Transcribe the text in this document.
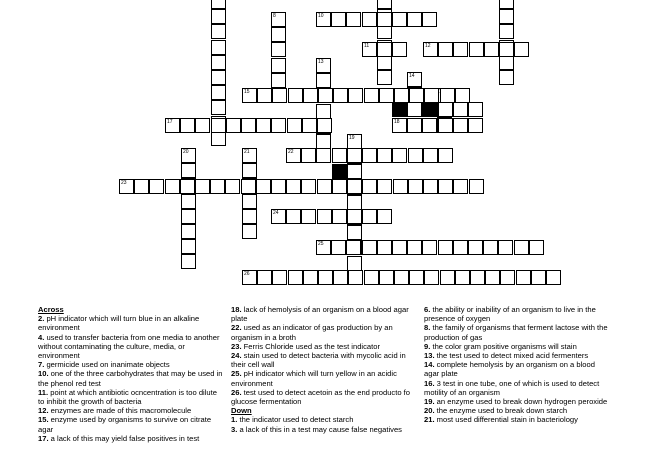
8
13
14
19
20	21
10
11	12
15
17	18
22
23
24
25
26
Across
2. pH indicator which will turn blue in an alkaline environment
4. used to transfer bacteria from one media to another without contaminating the culture, media, or environment
7. germicide used on inanimate objects
10. one of the three carbohydrates that may be used in the phenol red test
11. point at which antibiotic ocncentration is too dilute to inhibit the growth of bacteria
12. enzymes are made of this macromolecule
15. enzyme used by organisms to survive on citrate agar
17. a lack of this may yield false positives in test
18. lack of hemolysis of an organism on a blood agar plate
22. used as an indicator of gas production by an organism in a broth
23. Ferris Chloride used as the test indicator
24. stain used to detect bacteria with mycolic acid in their cell wall
25. pH indicator which will turn yellow in an acidic environment
26. test used to detect acetoin as the end producto fo glucose fermentation
Down
1. the indicator used to detect starch
3. a lack of this in a test may cause false negatives
6. the ability or inability of an organism to live in the presence of oxygen
8. the family of organisms that ferment lactose with the production of gas
9. the color gram positive organisms will stain
13. the test used to detect mixed acid fermenters
14. complete hemolysis by an organism on a blood agar plate
16. 3 test in one tube, one of which is used to detect motility of an organism
19. an enzyme used to break down hydrogen peroxide
20. the enzyme used to break down starch
21. most used differential stain in bacteriology
